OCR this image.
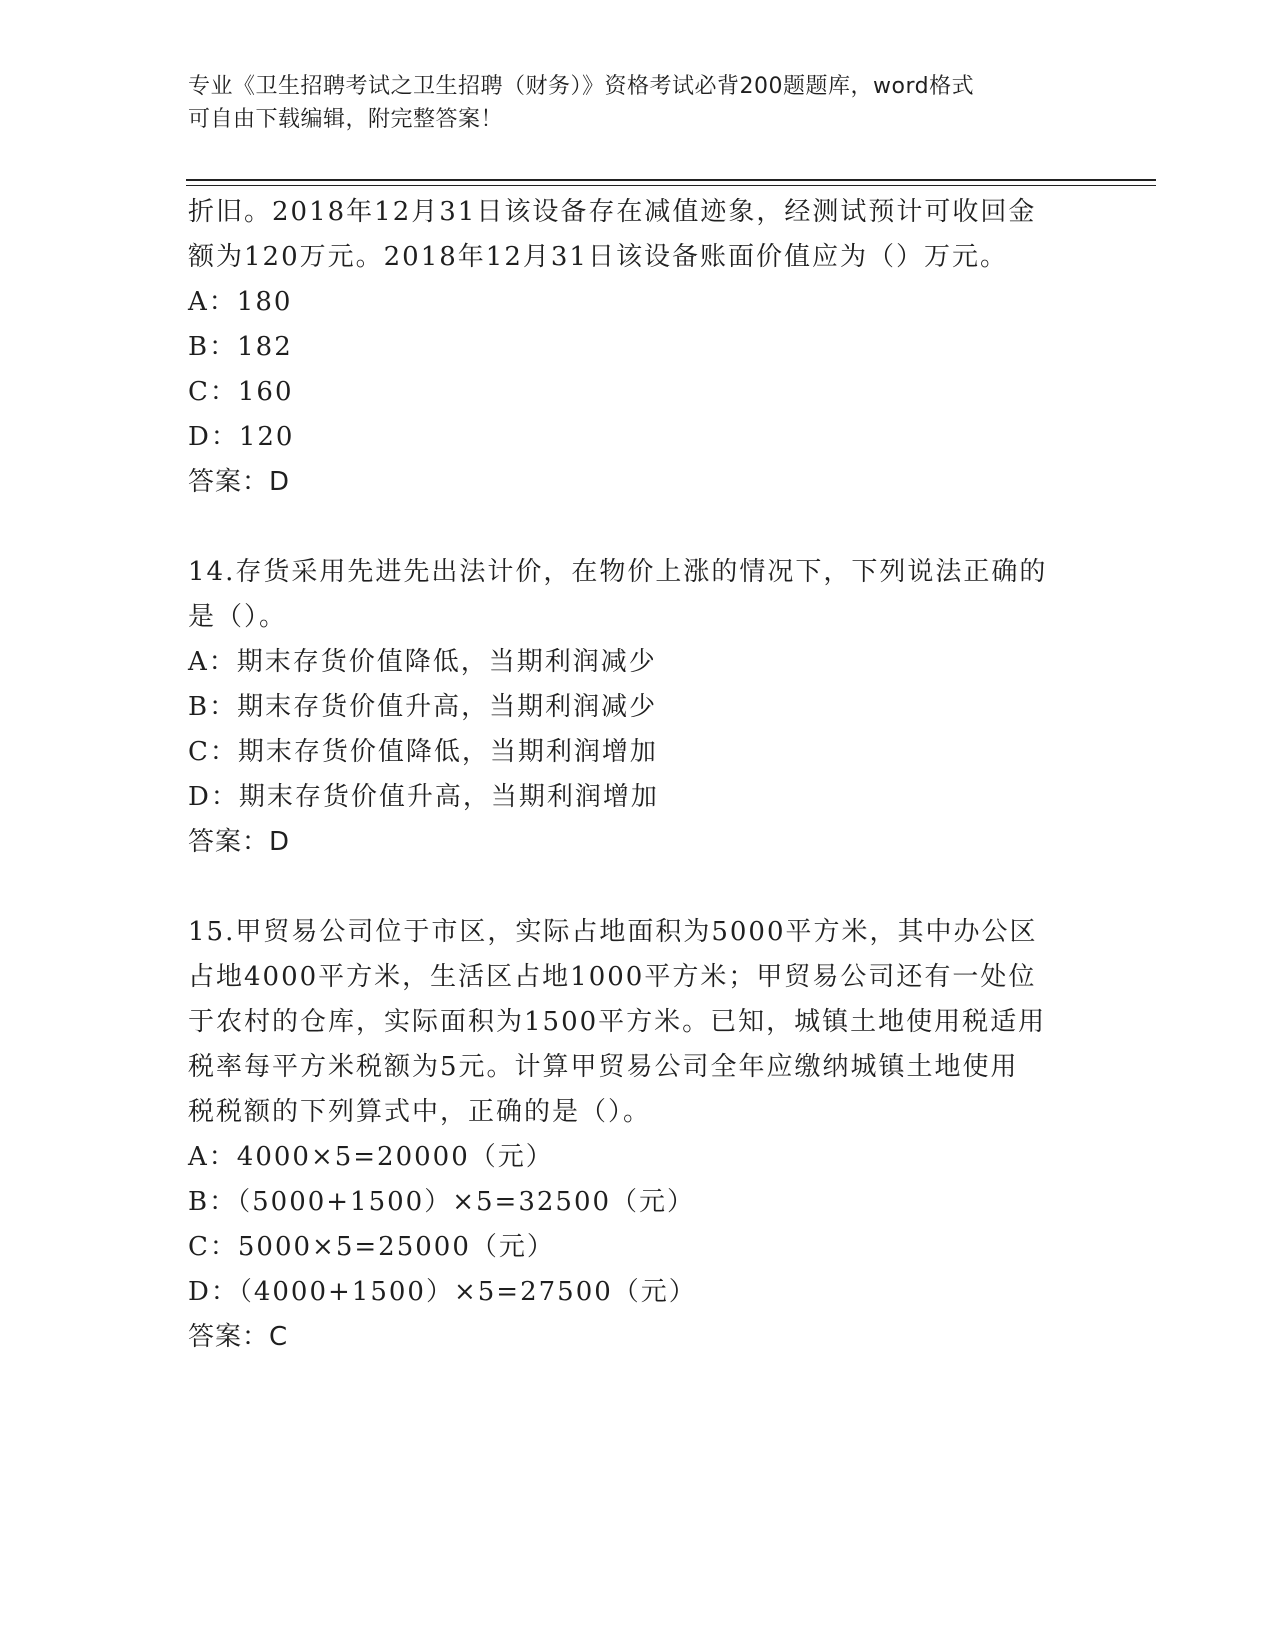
专业《卫生招聘考试之卫生招聘（财务）》资格考试必背200题题库，word格式
可自由下载编辑，附完整答案！
折旧。2018年12月31日该设备存在减值迹象，经测试预计可收回金
额为120万元。2018年12月31日该设备账面价值应为（）万元。
A：180
B：182
C：160
D：120
答案：D
14.存货采用先进先出法计价，在物价上涨的情况下，下列说法正确的
是（）。
A：期末存货价值降低，当期利润减少
B：期末存货价值升高，当期利润减少
C：期末存货价值降低，当期利润增加
D：期末存货价值升高，当期利润增加
答案：D
15.甲贸易公司位于市区，实际占地面积为5000平方米，其中办公区
占地4000平方米，生活区占地1000平方米；甲贸易公司还有一处位
于农村的仓库，实际面积为1500平方米。已知，城镇土地使用税适用
税率每平方米税额为5元。计算甲贸易公司全年应缴纳城镇土地使用
税税额的下列算式中，正确的是（）。
A：4000×5=20000（元）
B：（5000+1500）×5=32500（元）
C：5000×5=25000（元）
D：（4000+1500）×5=27500（元）
答案：C
